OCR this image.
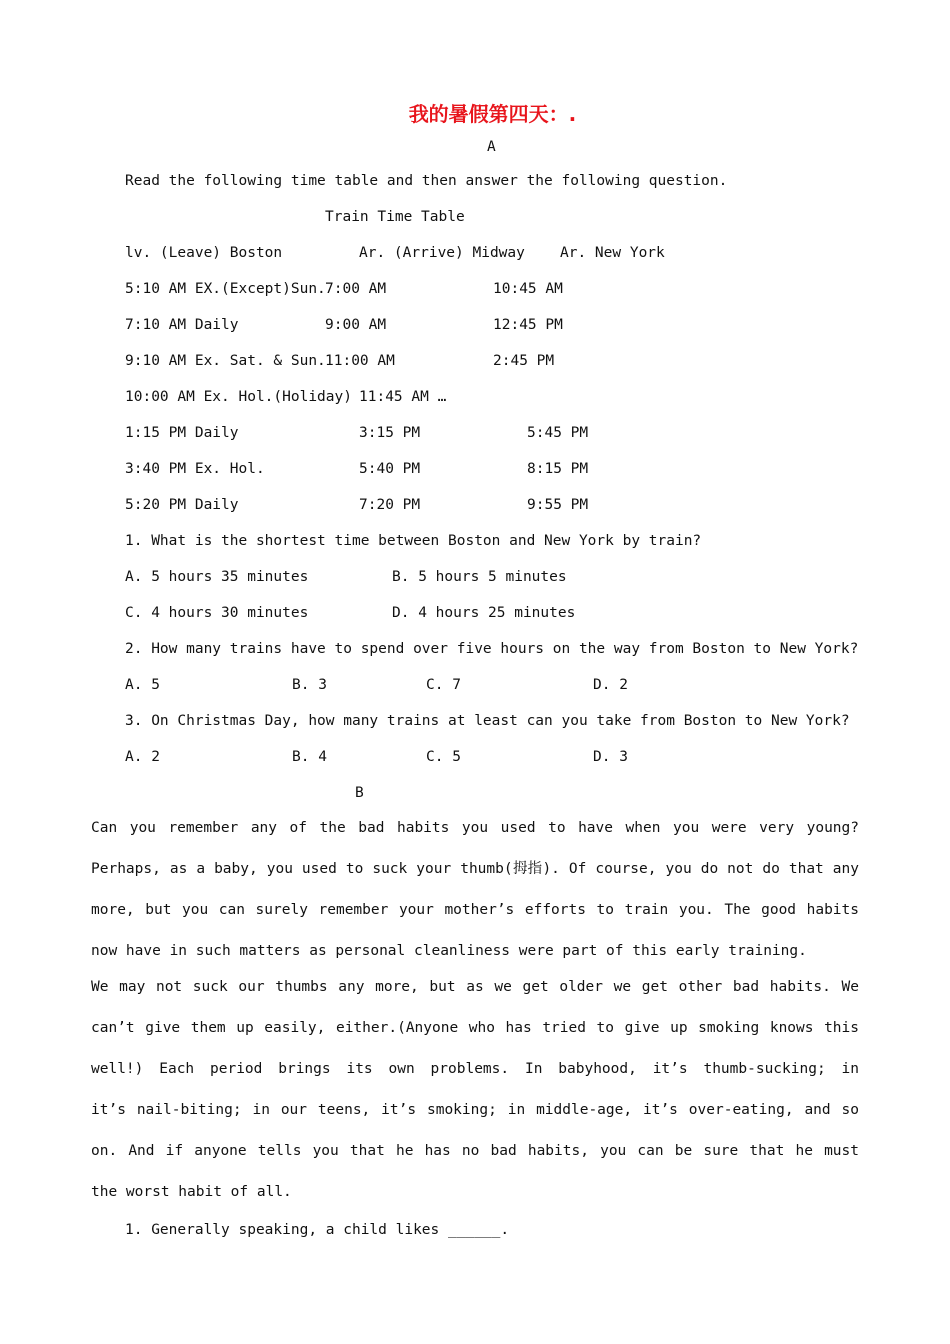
我的暑假第四天：.
A
Read the following time table and then answer the following question.
Train Time Table
lv. (Leave) Boston	Ar. (Arrive) Midway Ar. New York
5:10 AM EX.(Except)Sun. 7:00 AM	10:45 AM
7:10 AM Daily	9:00 AM	12:45 PM
9:10 AM Ex. Sat. & Sun. 11:00 AM	2:45 PM
10:00 AM Ex. Hol.(Holiday) 11:45 AM …
1:15 PM Daily	3:15 PM	5:45 PM
3:40 PM Ex. Hol.	5:40 PM	8:15 PM
5:20 PM Daily	7:20 PM	9:55 PM
1. What is the shortest time between Boston and New York by train?
A. 5 hours 35 minutes	B. 5 hours 5 minutes
C. 4 hours 30 minutes	D. 4 hours 25 minutes
2. How many trains have to spend over five hours on the way from Boston to New York?
A. 5	B. 3	C. 7	D. 2
3. On Christmas Day, how many trains at least can you take from Boston to New York?
A. 2	B. 4	C. 5	D. 3
B
Can you remember any of the bad habits you used to have when you were very young?
Perhaps, as a baby, you used to suck your thumb(拇指). Of course, you do not do that any
more, but you can surely remember your mother’s efforts to train you. The good habits
now have in such matters as personal cleanliness were part of this early training.
We may not suck our thumbs any more, but as we get older we get other bad habits. We
can’t give them up easily, either.(Anyone who has tried to give up smoking knows this
well!) Each period brings its own problems. In babyhood, it’s thumb-sucking; in
it’s nail-biting; in our teens, it’s smoking; in middle-age, it’s over-eating, and so
on. And if anyone tells you that he has no bad habits, you can be sure that he must
the worst habit of all.
1. Generally speaking, a child likes ______.
